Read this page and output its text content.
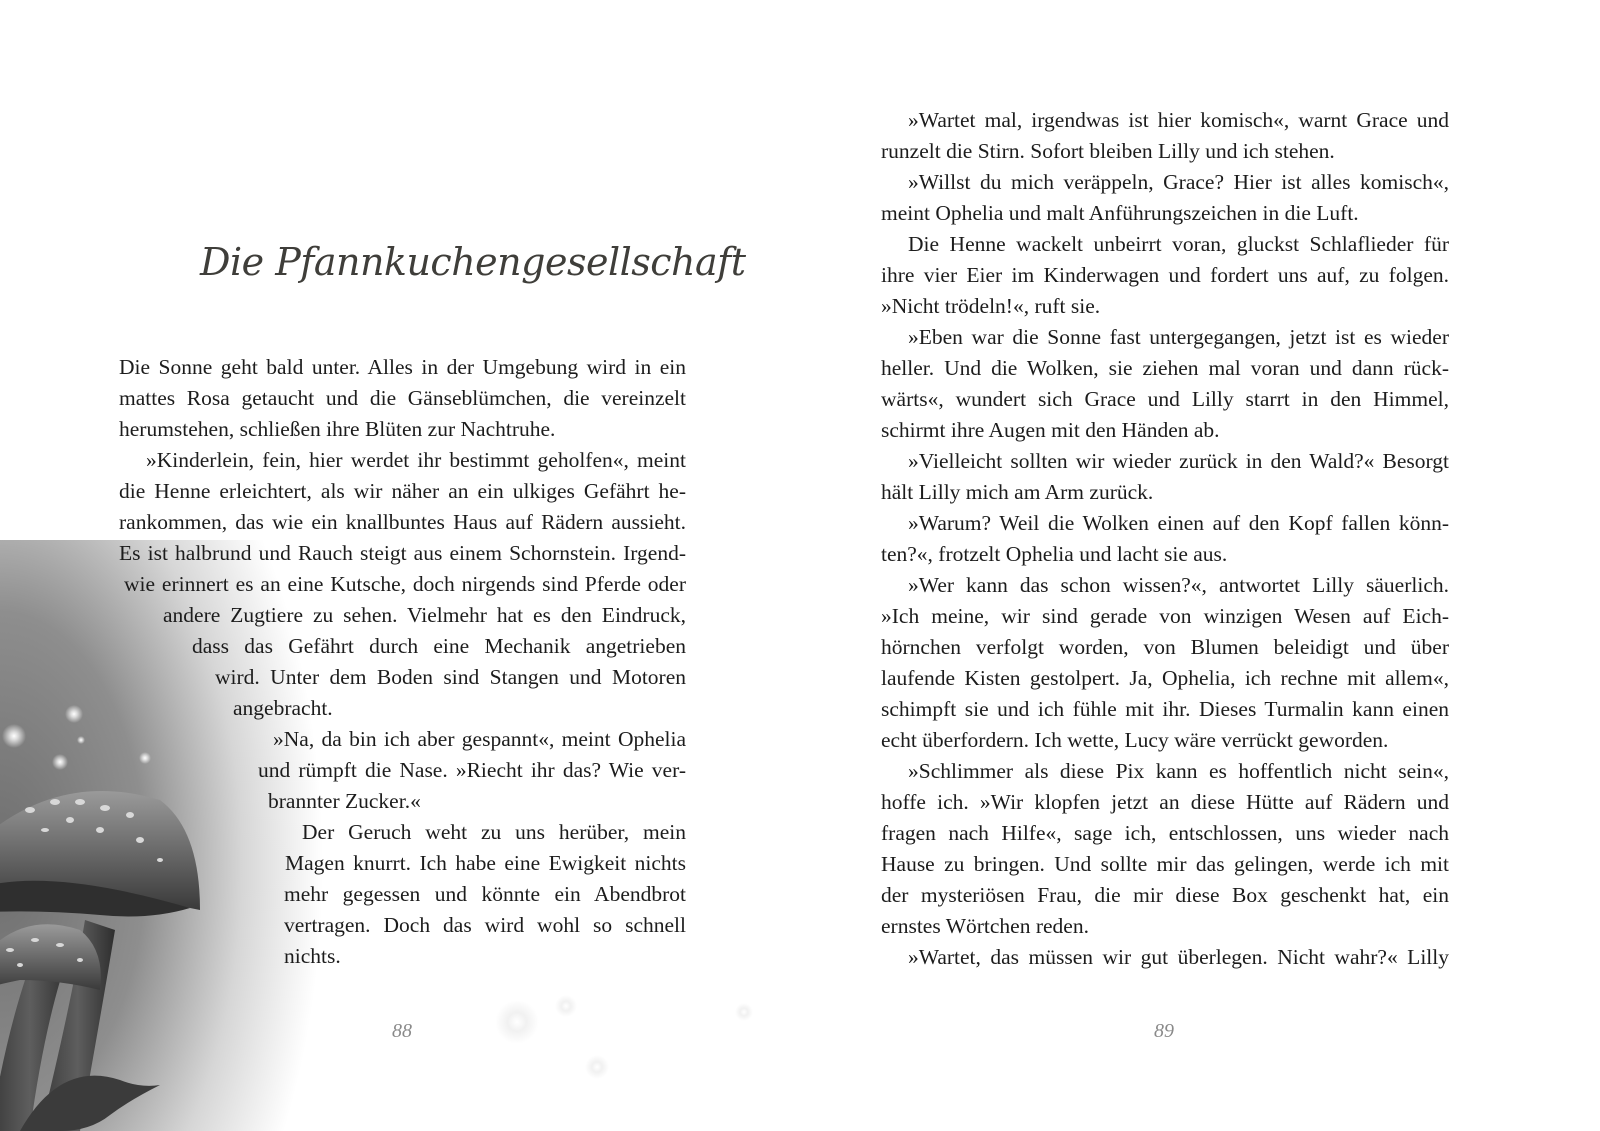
Die Pfannkuchengesellschaft
Die Sonne geht bald unter. Alles in der Umgebung wird in ein
mattes Rosa getaucht und die Gänseblümchen, die vereinzelt
herumstehen, schließen ihre Blüten zur Nachtruhe.
»Kinderlein, fein, hier werdet ihr bestimmt geholfen«, meint
die Henne erleichtert, als wir näher an ein ulkiges Gefährt he-
rankommen, das wie ein knallbuntes Haus auf Rädern aussieht.
Es ist halbrund und Rauch steigt aus einem Schornstein. Irgend-
wie erinnert es an eine Kutsche, doch nirgends sind Pferde oder
andere Zugtiere zu sehen. Vielmehr hat es den Eindruck,
dass das Gefährt durch eine Mechanik angetrieben
wird. Unter dem Boden sind Stangen und Motoren
angebracht.
»Na, da bin ich aber gespannt«, meint Ophelia
und rümpft die Nase. »Riecht ihr das? Wie ver-
brannter Zucker.«
Der Geruch weht zu uns herüber, mein
Magen knurrt. Ich habe eine Ewigkeit nichts
mehr gegessen und könnte ein Abendbrot
vertragen. Doch das wird wohl so schnell
nichts.
88
»Wartet mal, irgendwas ist hier komisch«, warnt Grace und
runzelt die Stirn. Sofort bleiben Lilly und ich stehen.
»Willst du mich veräppeln, Grace? Hier ist alles komisch«,
meint Ophelia und malt Anführungszeichen in die Luft.
Die Henne wackelt unbeirrt voran, gluckst Schlaflieder für
ihre vier Eier im Kinderwagen und fordert uns auf, zu folgen.
»Nicht trödeln!«, ruft sie.
»Eben war die Sonne fast untergegangen, jetzt ist es wieder
heller. Und die Wolken, sie ziehen mal voran und dann rück-
wärts«, wundert sich Grace und Lilly starrt in den Himmel,
schirmt ihre Augen mit den Händen ab.
»Vielleicht sollten wir wieder zurück in den Wald?« Besorgt
hält Lilly mich am Arm zurück.
»Warum? Weil die Wolken einen auf den Kopf fallen könn-
ten?«, frotzelt Ophelia und lacht sie aus.
»Wer kann das schon wissen?«, antwortet Lilly säuerlich.
»Ich meine, wir sind gerade von winzigen Wesen auf Eich-
hörnchen verfolgt worden, von Blumen beleidigt und über
laufende Kisten gestolpert. Ja, Ophelia, ich rechne mit allem«,
schimpft sie und ich fühle mit ihr. Dieses Turmalin kann einen
echt überfordern. Ich wette, Lucy wäre verrückt geworden.
»Schlimmer als diese Pix kann es hoffentlich nicht sein«,
hoffe ich. »Wir klopfen jetzt an diese Hütte auf Rädern und
fragen nach Hilfe«, sage ich, entschlossen, uns wieder nach
Hause zu bringen. Und sollte mir das gelingen, werde ich mit
der mysteriösen Frau, die mir diese Box geschenkt hat, ein
ernstes Wörtchen reden.
»Wartet, das müssen wir gut überlegen. Nicht wahr?« Lilly
89
